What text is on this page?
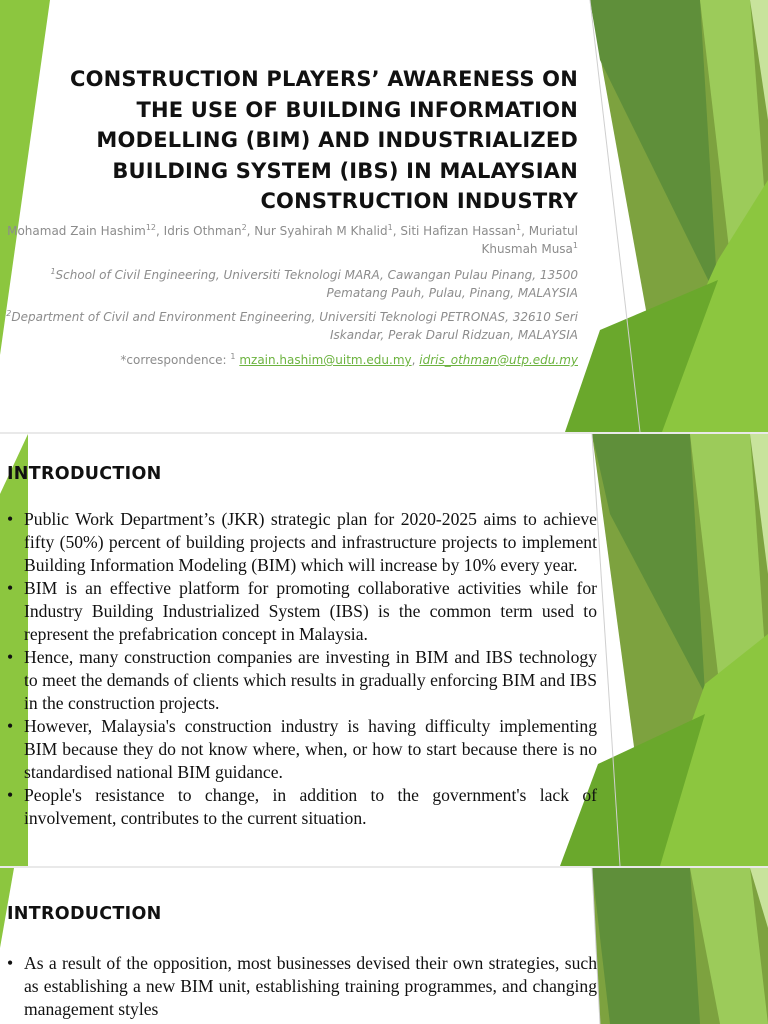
CONSTRUCTION PLAYERS’ AWARENESS ON THE USE OF BUILDING INFORMATION MODELLING (BIM) AND INDUSTRIALIZED BUILDING SYSTEM (IBS) IN MALAYSIAN CONSTRUCTION INDUSTRY
Mohamad Zain Hashim$^{12}$, Idris Othman$^2$, Nur Syahirah M Khalid$^1$, Siti Hafizan Hassan$^1$, Muriatul Khusmah Musa$^1$
$^1$School of Civil Engineering, Universiti Teknologi MARA, Cawangan Pulau Pinang, 13500 Pematang Pauh, Pulau, Pinang, MALAYSIA
$^2$Department of Civil and Environment Engineering, Universiti Teknologi PETRONAS, 32610 Seri Iskandar, Perak Darul Ridzuan, MALAYSIA
*correspondence: $^1$ mzain.hashim@uitm.edu.my, idris_othman@utp.edu.my
INTRODUCTION
• Public Work Department’s (JKR) strategic plan for 2020-2025 aims to achieve fifty (50%) percent of building projects and infrastructure projects to implement Building Information Modeling (BIM) which will increase by 10% every year.
• BIM is an effective platform for promoting collaborative activities while for Industry Building Industrialized System (IBS) is the common term used to represent the prefabrication concept in Malaysia.
• Hence, many construction companies are investing in BIM and IBS technology to meet the demands of clients which results in gradually enforcing BIM and IBS in the construction projects.
• However, Malaysia's construction industry is having difficulty implementing BIM because they do not know where, when, or how to start because there is no standardised national BIM guidance.
• People's resistance to change, in addition to the government's lack of involvement, contributes to the current situation.
INTRODUCTION
• As a result of the opposition, most businesses devised their own strategies, such as establishing a new BIM unit, establishing training programmes, and changing management styles
